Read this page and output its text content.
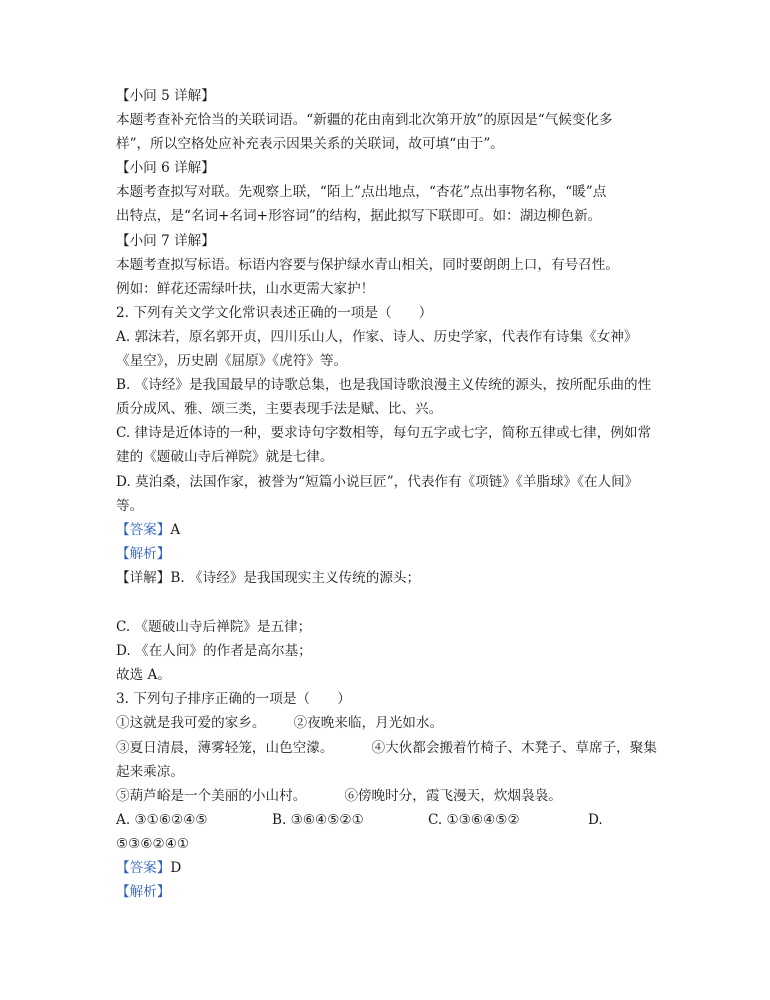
【小问 5 详解】
本题考查补充恰当的关联词语。“新疆的花由南到北次第开放”的原因是“气候变化多
样”，所以空格处应补充表示因果关系的关联词，故可填“由于”。
【小问 6 详解】
本题考查拟写对联。先观察上联，“陌上”点出地点，“杏花”点出事物名称，“暖”点
出特点，是“名词+名词+形容词”的结构，据此拟写下联即可。如：湖边柳色新。
【小问 7 详解】
本题考查拟写标语。标语内容要与保护绿水青山相关，同时要朗朗上口，有号召性。
例如：鲜花还需绿叶扶，山水更需大家护！
2. 下列有关文学文化常识表述正确的一项是（　　）
A. 郭沫若，原名郭开贞，四川乐山人，作家、诗人、历史学家，代表作有诗集《女神》
《星空》，历史剧《屈原》《虎符》等。
B. 《诗经》是我国最早的诗歌总集，也是我国诗歌浪漫主义传统的源头，按所配乐曲的性
质分成风、雅、颂三类，主要表现手法是赋、比、兴。
C. 律诗是近体诗的一种，要求诗句字数相等，每句五字或七字，简称五律或七律，例如常
建的《题破山寺后禅院》就是七律。
D. 莫泊桑，法国作家，被誉为“短篇小说巨匠”，代表作有《项链》《羊脂球》《在人间》
等。
【答案】A
【解析】
【详解】B. 《诗经》是我国现实主义传统的源头；
C. 《题破山寺后禅院》是五律；
D. 《在人间》的作者是高尔基；
故选 A。
3. 下列句子排序正确的一项是（　　）
①这就是我可爱的家乡。 ②夜晚来临，月光如水。
③夏日清晨，薄雾轻笼，山色空濛。	④大伙都会搬着竹椅子、木凳子、草席子，聚集
起来乘凉。
⑤葫芦峪是一个美丽的小山村。	⑥傍晚时分，霞飞漫天，炊烟袅袅。
A. ③①⑥②④⑤	B. ③⑥④⑤②①	C. ①③⑥④⑤②	D.
⑤③⑥②④①
【答案】D
【解析】
